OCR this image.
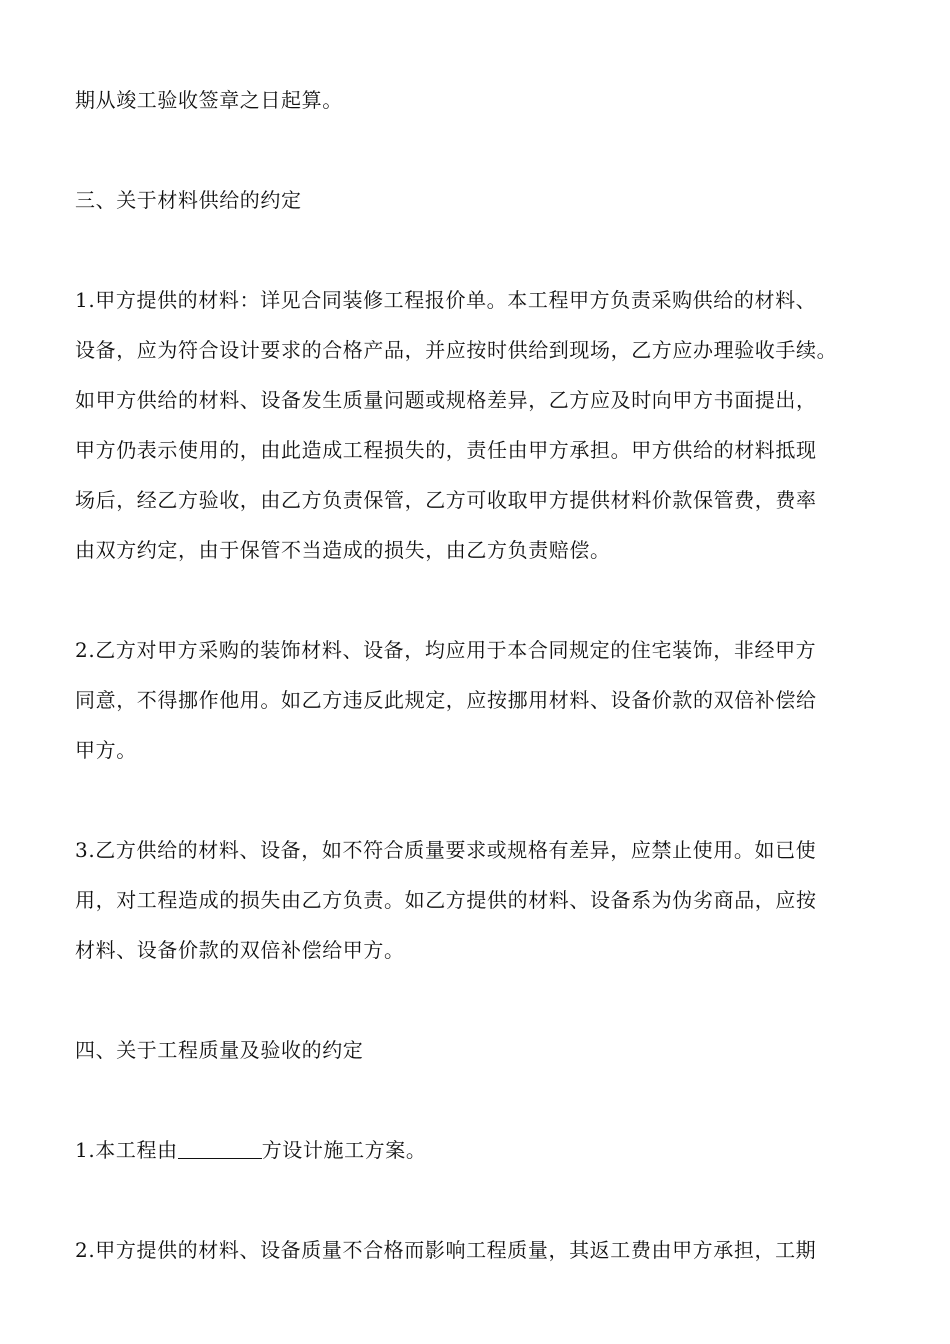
期从竣工验收签章之日起算。
三、关于材料供给的约定
1.甲方提供的材料：详见合同装修工程报价单。本工程甲方负责采购供给的材料、
设备，应为符合设计要求的合格产品，并应按时供给到现场，乙方应办理验收手续。
如甲方供给的材料、设备发生质量问题或规格差异，乙方应及时向甲方书面提出，
甲方仍表示使用的，由此造成工程损失的，责任由甲方承担。甲方供给的材料抵现
场后，经乙方验收，由乙方负责保管，乙方可收取甲方提供材料价款保管费，费率
由双方约定，由于保管不当造成的损失，由乙方负责赔偿。
2.乙方对甲方采购的装饰材料、设备，均应用于本合同规定的住宅装饰，非经甲方
同意，不得挪作他用。如乙方违反此规定，应按挪用材料、设备价款的双倍补偿给
甲方。
3.乙方供给的材料、设备，如不符合质量要求或规格有差异，应禁止使用。如已使
用，对工程造成的损失由乙方负责。如乙方提供的材料、设备系为伪劣商品，应按
材料、设备价款的双倍补偿给甲方。
四、关于工程质量及验收的约定
1.本工程由	方设计施工方案。
2.甲方提供的材料、设备质量不合格而影响工程质量，其返工费由甲方承担，工期
